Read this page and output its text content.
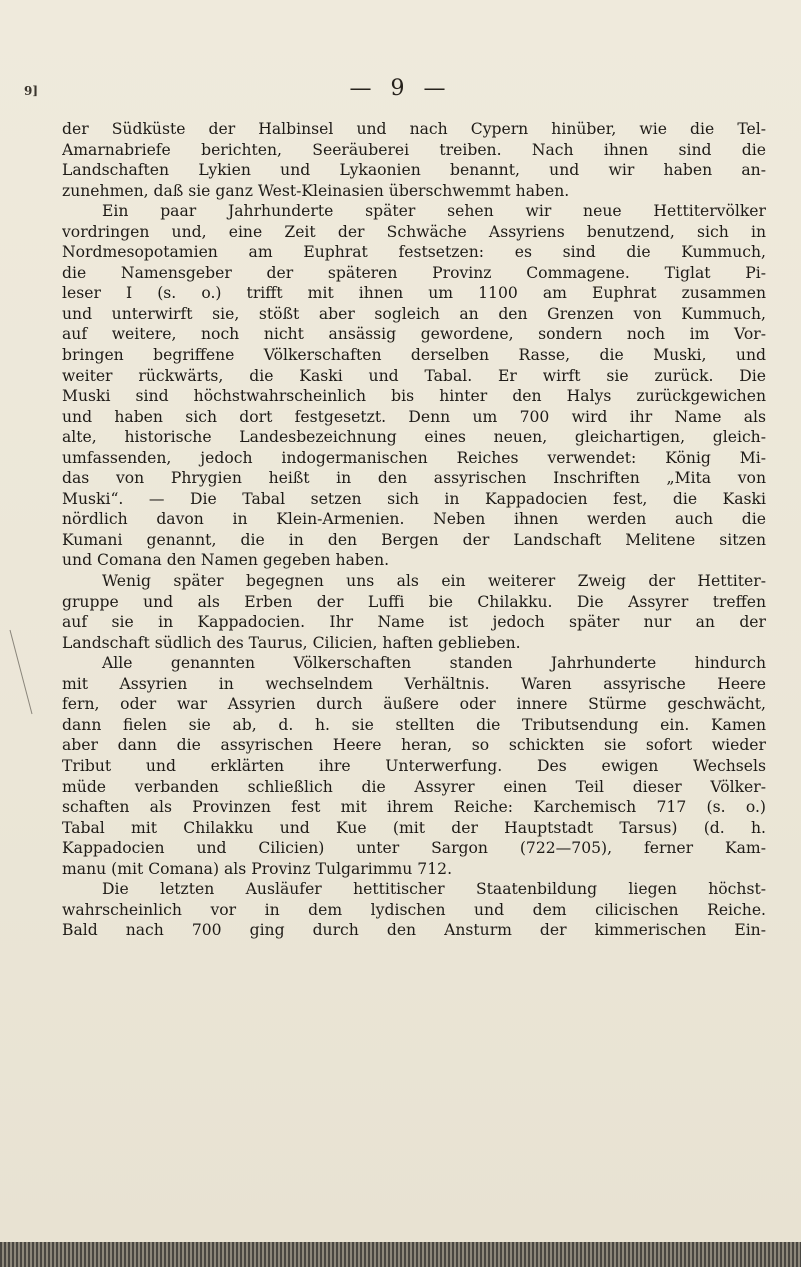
9]	— 9 —
der Südküste der Halbinsel und nach Cypern hinüber, wie die Tel-
Amarnabriefe berichten, Seeräuberei treiben. Nach ihnen sind die
Landschaften Lykien und Lykaonien benannt, und wir haben an-
zunehmen, daß sie ganz West-Kleinasien überschwemmt haben.
Ein paar Jahrhunderte später sehen wir neue Hettitervölker
vordringen und, eine Zeit der Schwäche Assyriens benutzend, sich in
Nordmesopotamien am Euphrat festsetzen: es sind die Kummuch,
die Namensgeber der späteren Provinz Commagene. Tiglat Pi-
leser I (s. o.) trifft mit ihnen um 1100 am Euphrat zusammen
und unterwirft sie, stößt aber sogleich an den Grenzen von Kummuch,
auf weitere, noch nicht ansässig gewordene, sondern noch im Vor-
bringen begriffene Völkerschaften derselben Rasse, die Muski, und
weiter rückwärts, die Kaski und Tabal. Er wirft sie zurück. Die
Muski sind höchstwahrscheinlich bis hinter den Halys zurückgewichen
und haben sich dort festgesetzt. Denn um 700 wird ihr Name als
alte, historische Landesbezeichnung eines neuen, gleichartigen, gleich-
umfassenden, jedoch indogermanischen Reiches verwendet: König Mi-
das von Phrygien heißt in den assyrischen Inschriften „Mita von
Muski“. — Die Tabal setzen sich in Kappadocien fest, die Kaski
nördlich davon in Klein-Armenien. Neben ihnen werden auch die
Kumani genannt, die in den Bergen der Landschaft Melitene sitzen
und Comana den Namen gegeben haben.
Wenig später begegnen uns als ein weiterer Zweig der Hettiter-
gruppe und als Erben der Luffi bie Chilakku. Die Assyrer treffen
auf sie in Kappadocien. Ihr Name ist jedoch später nur an der
Landschaft südlich des Taurus, Cilicien, haften geblieben.
Alle genannten Völkerschaften standen Jahrhunderte hindurch
mit Assyrien in wechselndem Verhältnis. Waren assyrische Heere
fern, oder war Assyrien durch äußere oder innere Stürme geschwächt,
dann fielen sie ab, d. h. sie stellten die Tributsendung ein. Kamen
aber dann die assyrischen Heere heran, so schickten sie sofort wieder
Tribut und erklärten ihre Unterwerfung. Des ewigen Wechsels
müde verbanden schließlich die Assyrer einen Teil dieser Völker-
schaften als Provinzen fest mit ihrem Reiche: Karchemisch 717 (s. o.)
Tabal mit Chilakku und Kue (mit der Hauptstadt Tarsus) (d. h.
Kappadocien und Cilicien) unter Sargon (722—705), ferner Kam-
manu (mit Comana) als Provinz Tulgarimmu 712.
Die letzten Ausläufer hettitischer Staatenbildung liegen höchst-
wahrscheinlich vor in dem lydischen und dem cilicischen Reiche.
Bald nach 700 ging durch den Ansturm der kimmerischen Ein-
